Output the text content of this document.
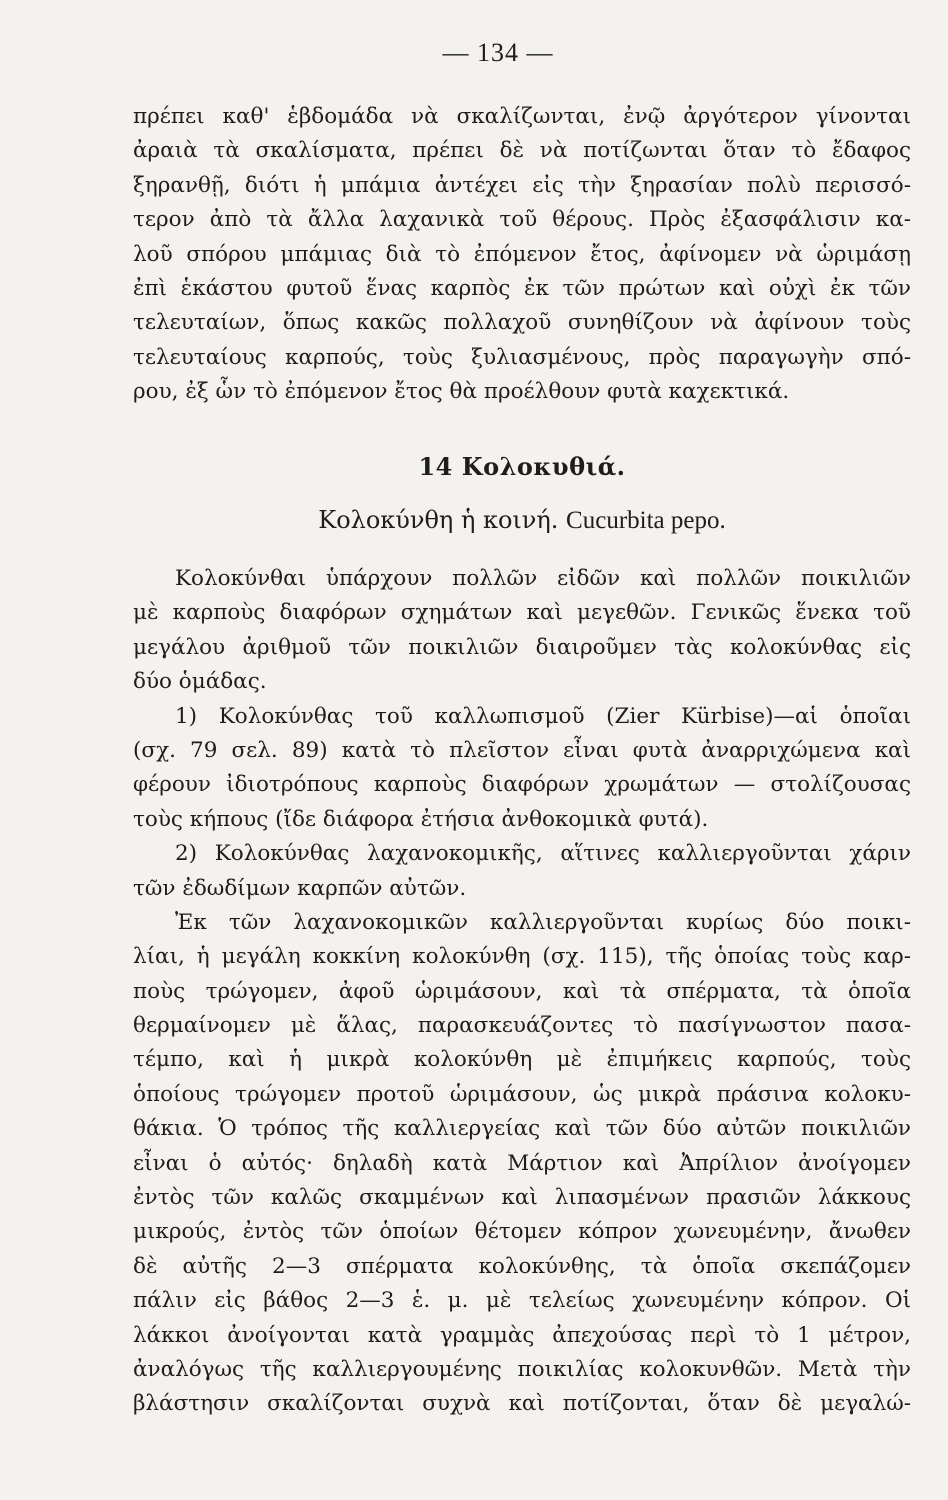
— 134 —
πρέπει καθ' ἑβδομάδα νὰ σκαλίζωνται, ἐνῷ ἀργότερον γίνονται
ἀραιὰ τὰ σκαλίσματα, πρέπει δὲ νὰ ποτίζωνται ὅταν τὸ ἔδαφος
ξηρανθῇ, διότι ἡ μπάμια ἀντέχει εἰς τὴν ξηρασίαν πολὺ περισσό-
τερον ἀπὸ τὰ ἄλλα λαχανικὰ τοῦ θέρους. Πρὸς ἐξασφάλισιν κα-
λοῦ σπόρου μπάμιας διὰ τὸ ἐπόμενον ἔτος, ἀφίνομεν νὰ ὡριμάσῃ
ἐπὶ ἑκάστου φυτοῦ ἕνας καρπὸς ἐκ τῶν πρώτων καὶ οὐχὶ ἐκ τῶν
τελευταίων, ὅπως κακῶς πολλαχοῦ συνηθίζουν νὰ ἀφίνουν τοὺς
τελευταίους καρπούς, τοὺς ξυλιασμένους, πρὸς παραγωγὴν σπό-
ρου, ἐξ ὧν τὸ ἐπόμενον ἔτος θὰ προέλθουν φυτὰ καχεκτικά.
14 Κολοκυθιά.
Κολοκύνθη ἡ κοινή. Cucurbita pepo.
Κολοκύνθαι ὑπάρχουν πολλῶν εἰδῶν καὶ πολλῶν ποικιλιῶν
μὲ καρποὺς διαφόρων σχημάτων καὶ μεγεθῶν. Γενικῶς ἕνεκα τοῦ
μεγάλου ἀριθμοῦ τῶν ποικιλιῶν διαιροῦμεν τὰς κολοκύνθας εἰς
δύο ὁμάδας.
1) Κολοκύνθας τοῦ καλλωπισμοῦ (Zier Kürbise)—αἱ ὁποῖαι
(σχ. 79 σελ. 89) κατὰ τὸ πλεῖστον εἶναι φυτὰ ἀναρριχώμενα καὶ
φέρουν ἰδιοτρόπους καρποὺς διαφόρων χρωμάτων — στολίζουσας
τοὺς κήπους (ἴδε διάφορα ἐτήσια ἀνθοκομικὰ φυτά).
2) Κολοκύνθας λαχανοκομικῆς, αἵτινες καλλιεργοῦνται χάριν
τῶν ἐδωδίμων καρπῶν αὐτῶν.
Ἐκ τῶν λαχανοκομικῶν καλλιεργοῦνται κυρίως δύο ποικι-
λίαι, ἡ μεγάλη κοκκίνη κολοκύνθη (σχ. 115), τῆς ὁποίας τοὺς καρ-
ποὺς τρώγομεν, ἀφοῦ ὡριμάσουν, καὶ τὰ σπέρματα, τὰ ὁποῖα
θερμαίνομεν μὲ ἅλας, παρασκευάζοντες τὸ πασίγνωστον πασα-
τέμπο, καὶ ἡ μικρὰ κολοκύνθη μὲ ἐπιμήκεις καρπούς, τοὺς
ὁποίους τρώγομεν προτοῦ ὡριμάσουν, ὡς μικρὰ πράσινα κολοκυ-
θάκια. Ὁ τρόπος τῆς καλλιεργείας καὶ τῶν δύο αὐτῶν ποικιλιῶν
εἶναι ὁ αὐτός· δηλαδὴ κατὰ Μάρτιον καὶ Ἀπρίλιον ἀνοίγομεν
ἐντὸς τῶν καλῶς σκαμμένων καὶ λιπασμένων πρασιῶν λάκκους
μικρούς, ἐντὸς τῶν ὁποίων θέτομεν κόπρον χωνευμένην, ἄνωθεν
δὲ αὐτῆς 2—3 σπέρματα κολοκύνθης, τὰ ὁποῖα σκεπάζομεν
πάλιν εἰς βάθος 2—3 ἑ. μ. μὲ τελείως χωνευμένην κόπρον. Οἱ
λάκκοι ἀνοίγονται κατὰ γραμμὰς ἀπεχούσας περὶ τὸ 1 μέτρον,
ἀναλόγως τῆς καλλιεργουμένης ποικιλίας κολοκυνθῶν. Μετὰ τὴν
βλάστησιν σκαλίζονται συχνὰ καὶ ποτίζονται, ὅταν δὲ μεγαλώ-
